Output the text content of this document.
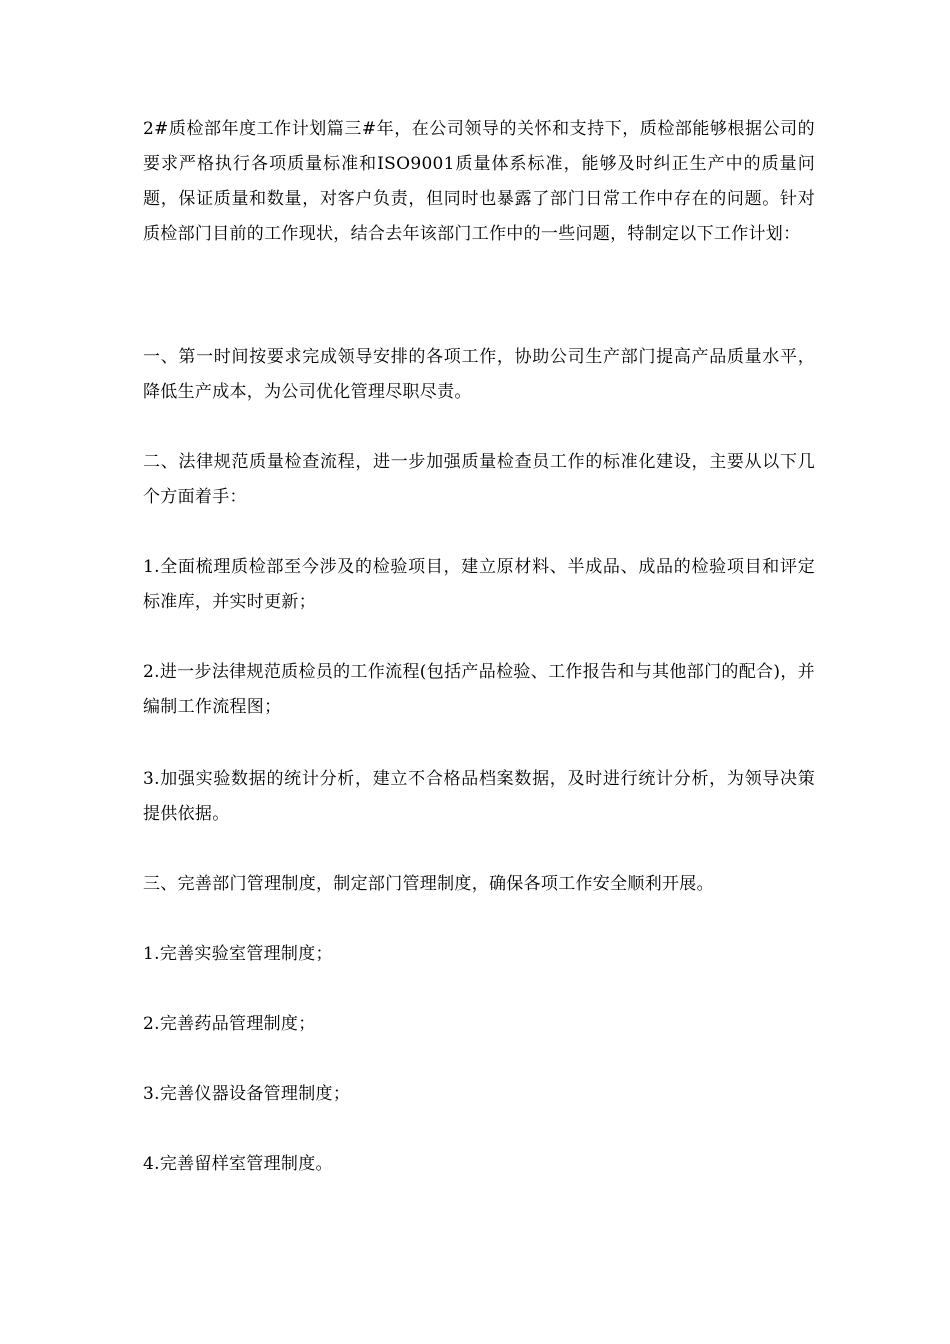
2#质检部年度工作计划篇三#年，在公司领导的关怀和支持下，质检部能够根据公司的要求严格执行各项质量标准和ISO9001质量体系标准，能够及时纠正生产中的质量问题，保证质量和数量，对客户负责，但同时也暴露了部门日常工作中存在的问题。针对质检部门目前的工作现状，结合去年该部门工作中的一些问题，特制定以下工作计划：

一、第一时间按要求完成领导安排的各项工作，协助公司生产部门提高产品质量水平，降低生产成本，为公司优化管理尽职尽责。

二、法律规范质量检查流程，进一步加强质量检查员工作的标准化建设，主要从以下几个方面着手：

1.全面梳理质检部至今涉及的检验项目，建立原材料、半成品、成品的检验项目和评定标准库，并实时更新；

2.进一步法律规范质检员的工作流程(包括产品检验、工作报告和与其他部门的配合)，并编制工作流程图；

3.加强实验数据的统计分析，建立不合格品档案数据，及时进行统计分析，为领导决策提供依据。

三、完善部门管理制度，制定部门管理制度，确保各项工作安全顺利开展。

1.完善实验室管理制度；

2.完善药品管理制度；

3.完善仪器设备管理制度；

4.完善留样室管理制度。
